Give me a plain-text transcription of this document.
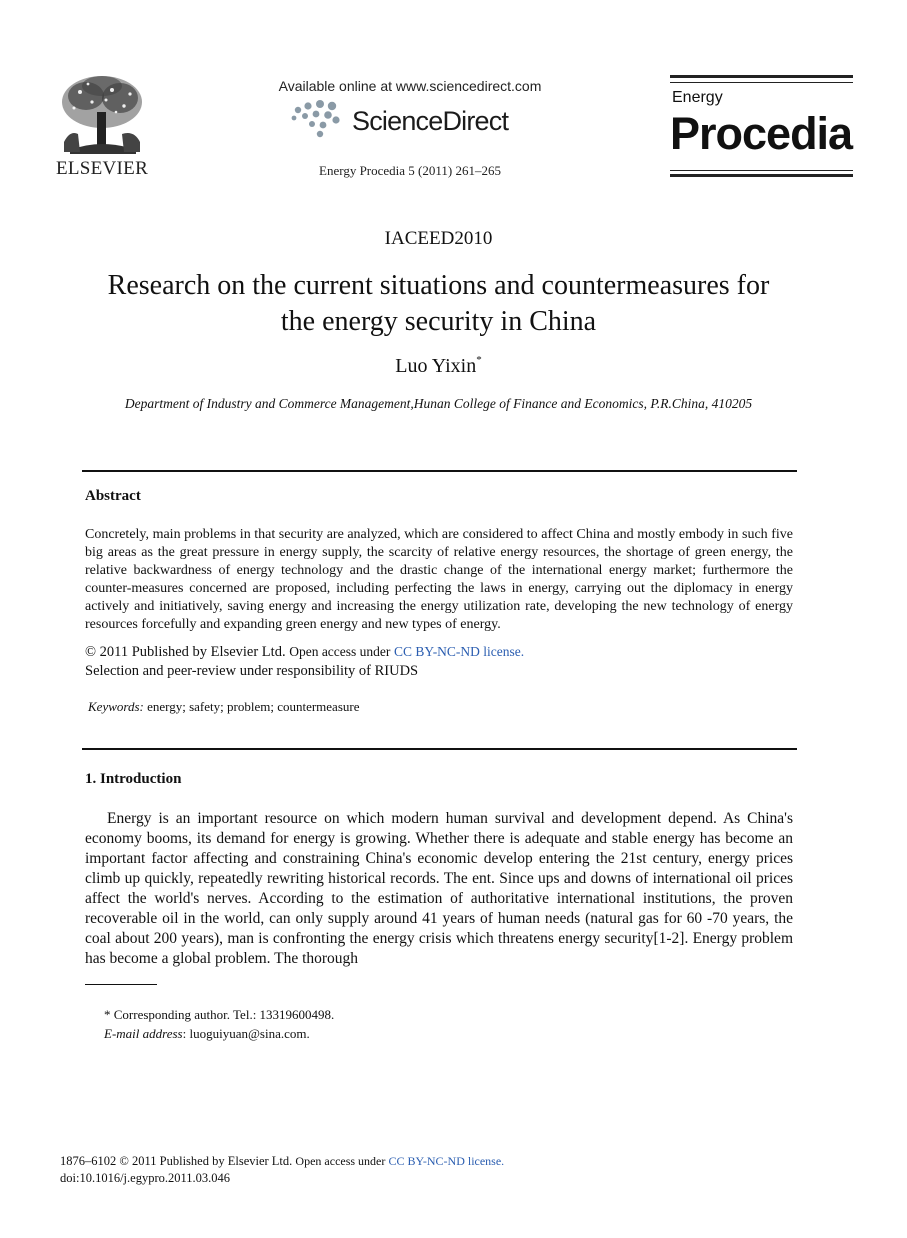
ELSEVIER
Available online at www.sciencedirect.com
ScienceDirect
Energy Procedia 5 (2011) 261–265
Energy
Procedia
IACEED2010
Research on the current situations and countermeasures for
the energy security in China
Luo Yixin*
Department of Industry and Commerce Management,Hunan College of Finance and Economics, P.R.China, 410205
Abstract
Concretely, main problems in that security are analyzed, which are considered to affect China and mostly embody in such five big areas as the great pressure in energy supply, the scarcity of relative energy resources, the shortage of green energy, the relative backwardness of energy technology and the drastic change of the international energy market; furthermore the counter-measures concerned are proposed, including perfecting the laws in energy, carrying out the diplomacy in energy actively and initiatively, saving energy and increasing the energy utilization rate, developing the new technology of energy resources forcefully and expanding green energy and new types of energy.
© 2011 Published by Elsevier Ltd. Open access under CC BY-NC-ND license.
Selection and peer-review under responsibility of RIUDS
Keywords: energy; safety; problem; countermeasure
1. Introduction
Energy is an important resource on which modern human survival and development depend. As China's economy booms, its demand for energy is growing. Whether there is adequate and stable energy has become an important factor affecting and constraining China's economic develop entering the 21st century, energy prices climb up quickly, repeatedly rewriting historical records. The ent. Since ups and downs of international oil prices affect the world's nerves. According to the estimation of authoritative international institutions, the proven recoverable oil in the world, can only supply around 41 years of human needs (natural gas for 60 -70 years, the coal about 200 years), man is confronting the energy crisis which threatens energy security[1-2]. Energy problem has become a global problem. The thorough
* Corresponding author. Tel.: 13319600498.
E-mail address: luoguiyuan@sina.com.
1876–6102 © 2011 Published by Elsevier Ltd. Open access under CC BY-NC-ND license.
doi:10.1016/j.egypro.2011.03.046
